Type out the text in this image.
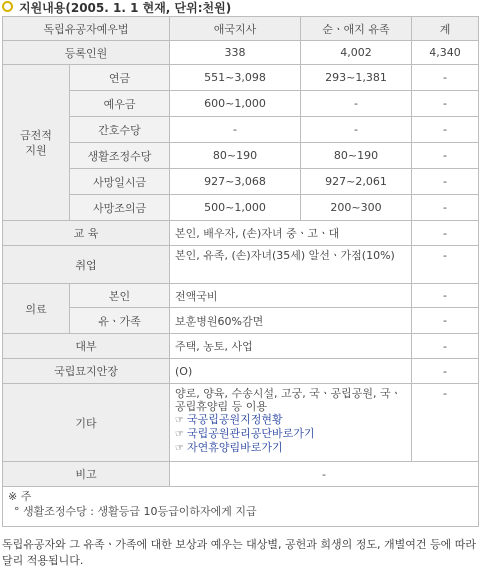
지원내용(2005. 1. 1 현재, 단위:천원)
독립유공자예우법		애국지사	순ㆍ애지 유족	계
등록인원		338	4,002	4,340
금전적
지원	연금	551~3,098	293~1,381	-
	예우금	600~1,000	-	-
	간호수당	-	-	-
	생활조정수당	80~190	80~190	-
	사망일시금	927~3,068	927~2,061	-
	사망조의금	500~1,000	200~300	-
교 육		본인, 배우자, (손)자녀 중ㆍ고ㆍ대		-
취업		본인, 유족, (손)자녀(35세) 알선ㆍ가점(10%)		-
의료	본인	전액국비		-
	유ㆍ가족	보훈병원60%감면		-
대부		주택, 농토, 사업		-
국립묘지안장		(O)		-
기타		양로, 양육, 수송시설, 고궁, 국ㆍ공립공원, 국ㆍ공립휴양림 등 이용
☞ 국공립공원지정현황
☞ 국립공원관리공단바로가기
☞ 자연휴양림바로가기		-
비고		-		

※ 주
° 생활조정수당 : 생활등급 10등급이하자에게 지급				
독립유공자와 그 유족ㆍ가족에 대한 보상과 예우는 대상별, 공헌과 희생의 정도, 개별여건 등에 따라 달리 적용됩니다.
